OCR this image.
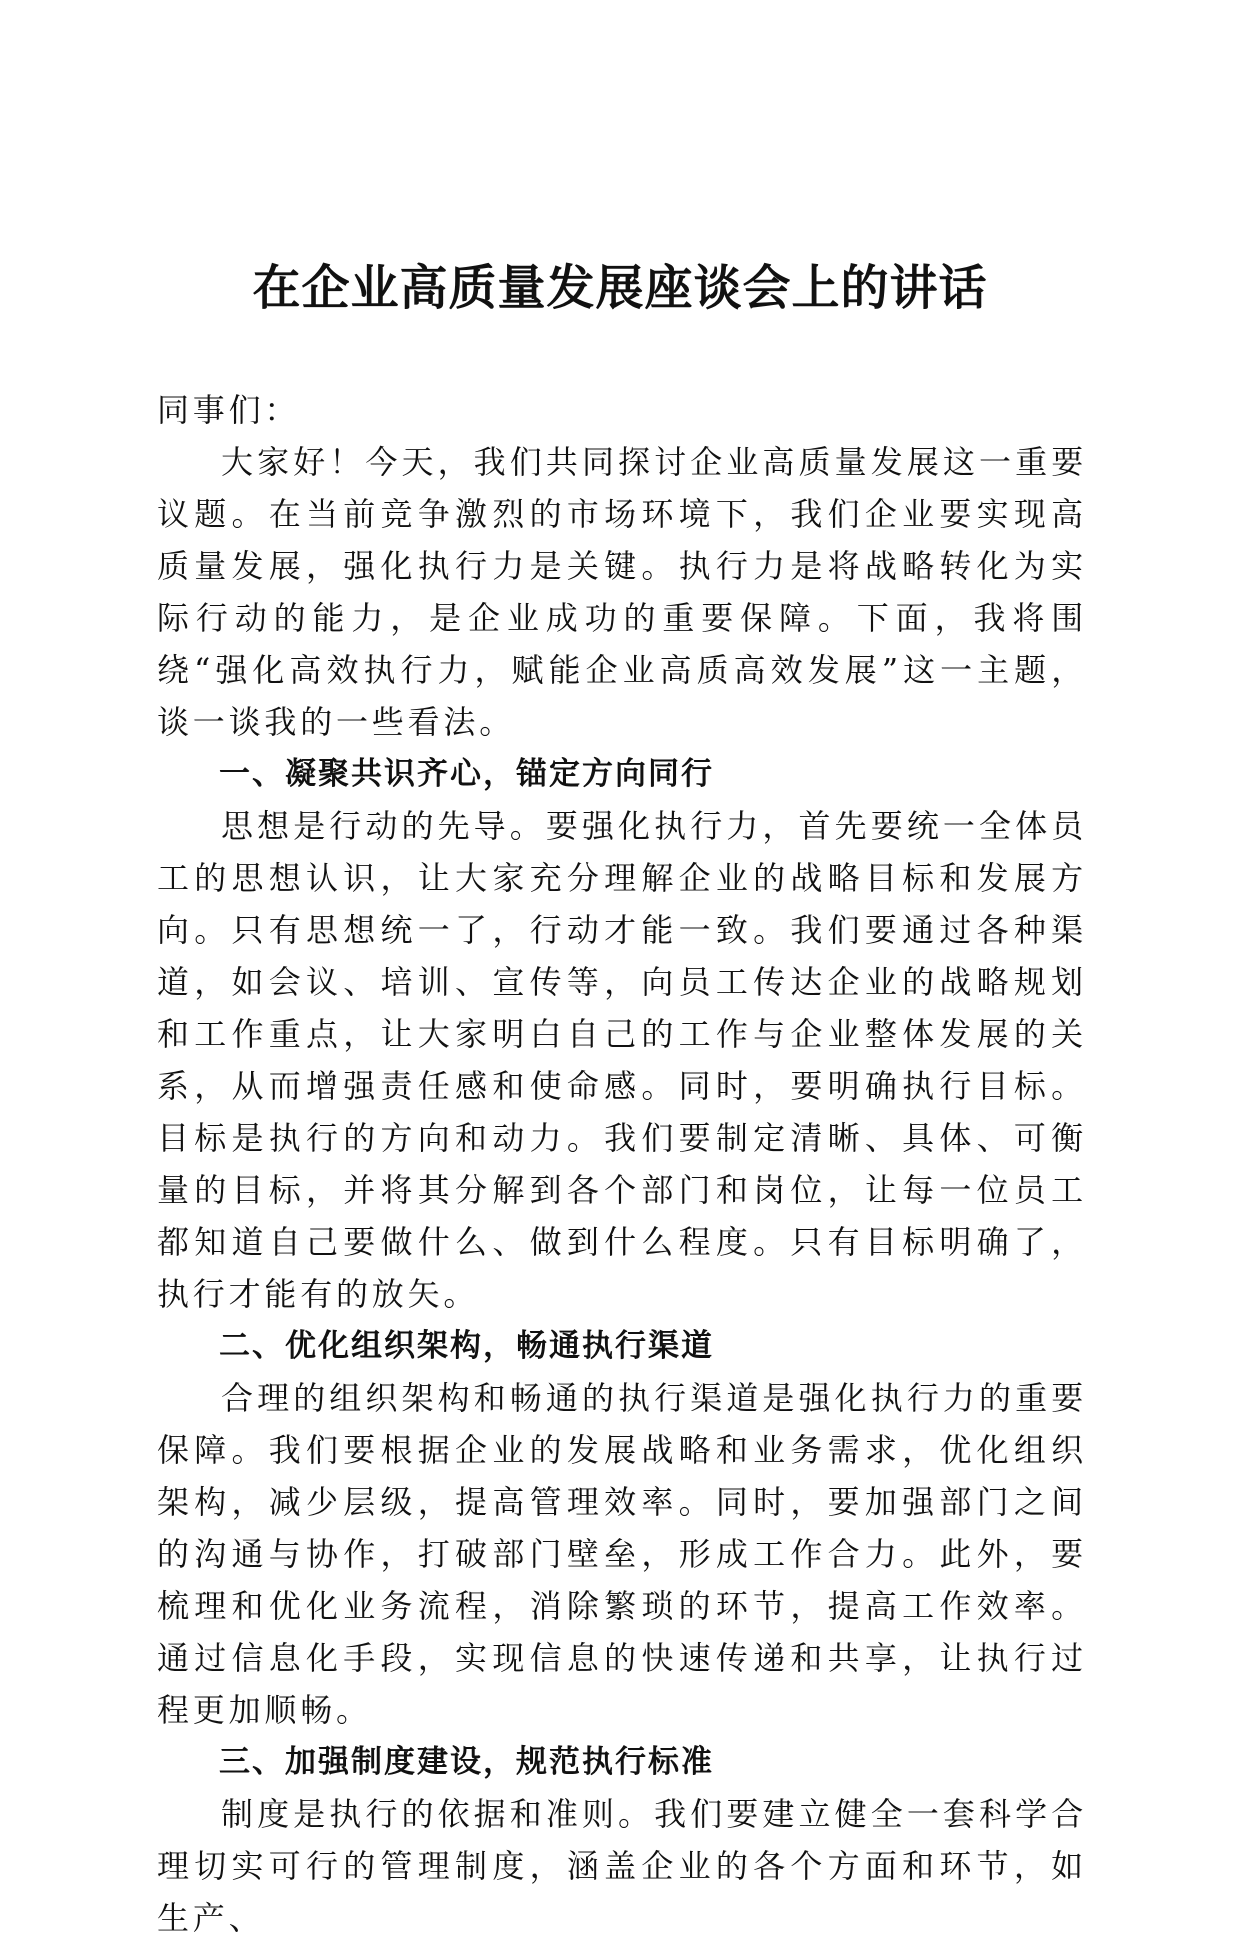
在企业高质量发展座谈会上的讲话

同事们：

大家好！今天，我们共同探讨企业高质量发展这一重要议题。在当前竞争激烈的市场环境下，我们企业要实现高质量发展，强化执行力是关键。执行力是将战略转化为实际行动的能力，是企业成功的重要保障。下面，我将围绕“强化高效执行力，赋能企业高质高效发展”这一主题，谈一谈我的一些看法。

一、凝聚共识齐心，锚定方向同行

思想是行动的先导。要强化执行力，首先要统一全体员工的思想认识，让大家充分理解企业的战略目标和发展方向。只有思想统一了，行动才能一致。我们要通过各种渠道，如会议、培训、宣传等，向员工传达企业的战略规划和工作重点，让大家明白自己的工作与企业整体发展的关系，从而增强责任感和使命感。同时，要明确执行目标。目标是执行的方向和动力。我们要制定清晰、具体、可衡量的目标，并将其分解到各个部门和岗位，让每一位员工都知道自己要做什么、做到什么程度。只有目标明确了，执行才能有的放矢。

二、优化组织架构，畅通执行渠道

合理的组织架构和畅通的执行渠道是强化执行力的重要保障。我们要根据企业的发展战略和业务需求，优化组织架构，减少层级，提高管理效率。同时，要加强部门之间的沟通与协作，打破部门壁垒，形成工作合力。此外，要梳理和优化业务流程，消除繁琐的环节，提高工作效率。通过信息化手段，实现信息的快速传递和共享，让执行过程更加顺畅。

三、加强制度建设，规范执行标准

制度是执行的依据和准则。我们要建立健全一套科学合理切实可行的管理制度，涵盖企业的各个方面和环节，如生产、
